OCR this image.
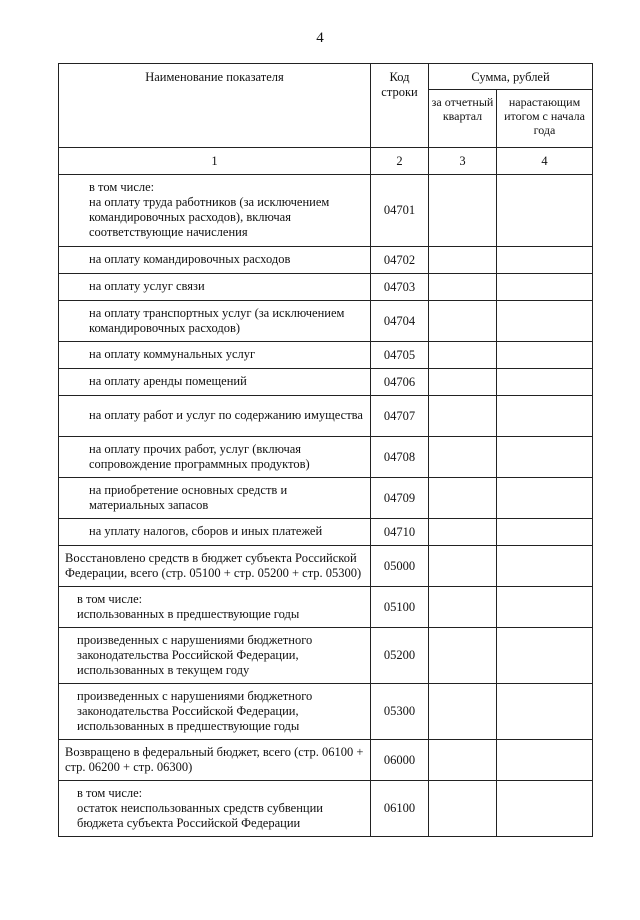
4
Наименование показателя	Код строки	Сумма, рублей	
		за отчетный квартал	нарастающим итогом с начала года
1	2	3	4
в том числе:
на оплату труда работников (за исключением командировочных расходов), включая соответствующие начисления	04701		
на оплату командировочных расходов	04702		
на оплату услуг связи	04703		
на оплату транспортных услуг (за исключением командировочных расходов)	04704		
на оплату коммунальных услуг	04705		
на оплату аренды помещений	04706		
на оплату работ и услуг по содержанию имущества	04707		
на оплату прочих работ, услуг (включая сопровождение программных продуктов)	04708		
на приобретение основных средств и материальных запасов	04709		
на уплату налогов, сборов и иных платежей	04710		
Восстановлено средств в бюджет субъекта Российской Федерации, всего (стр. 05100 + стр. 05200 + стр. 05300)	05000		
в том числе:
использованных в предшествующие годы	05100		
произведенных с нарушениями бюджетного законодательства Российской Федерации, использованных в текущем году	05200		
произведенных с нарушениями бюджетного законодательства Российской Федерации, использованных в предшествующие годы	05300		
Возвращено в федеральный бюджет, всего (стр. 06100 + стр. 06200 + стр. 06300)	06000		
в том числе:
остаток неиспользованных средств субвенции бюджета субъекта Российской Федерации	06100		
